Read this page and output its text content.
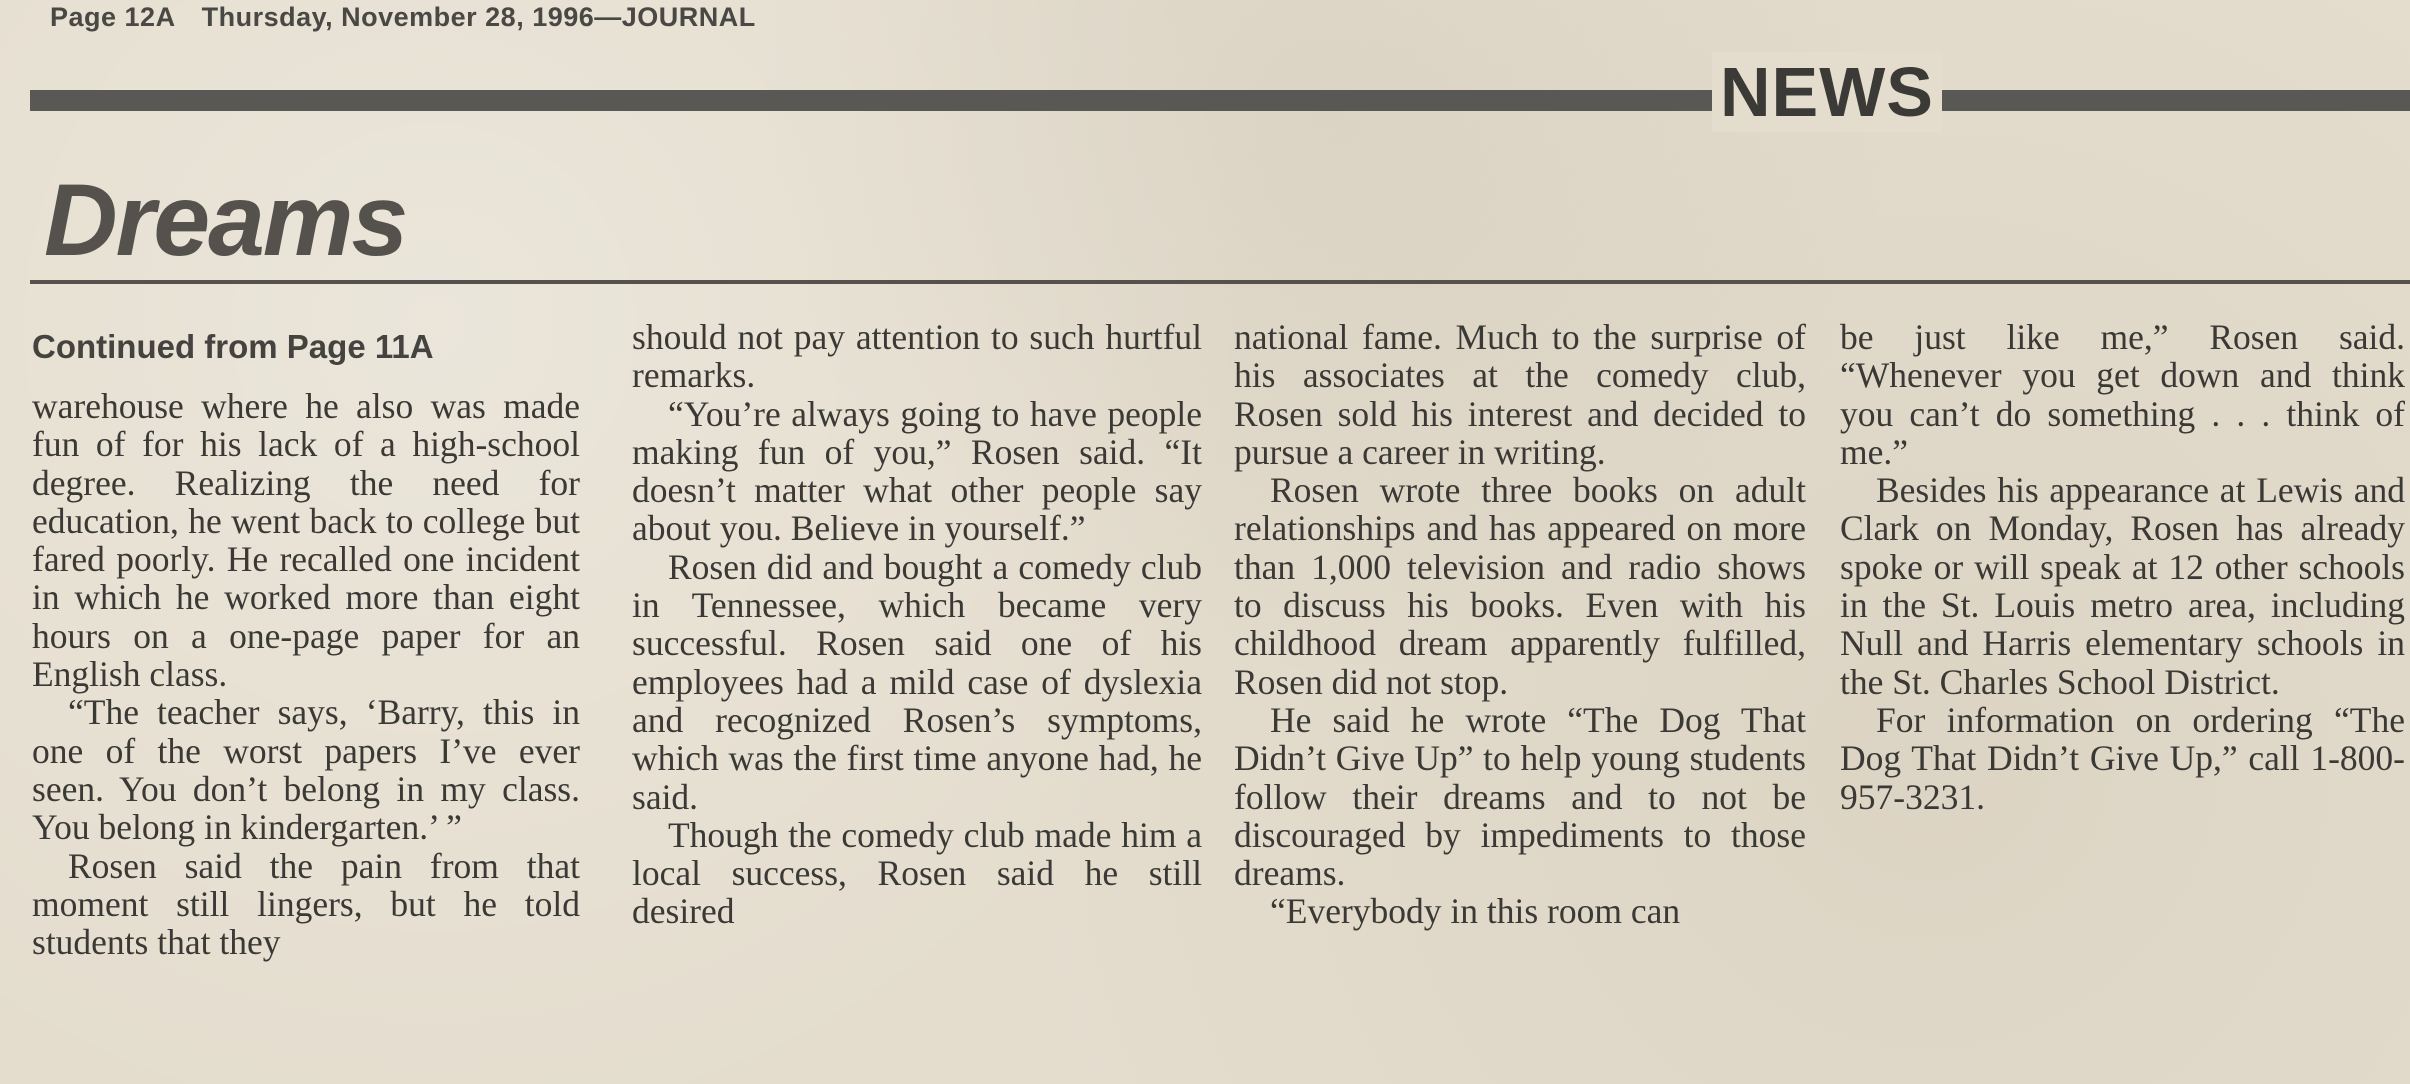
Page 12A Thursday, November 28, 1996—JOURNAL
NEWS
Dreams
Continued from Page 11A

warehouse where he also was made fun of for his lack of a high-school degree. Realizing the need for education, he went back to college but fared poorly. He recalled one incident in which he worked more than eight hours on a one-page paper for an English class.

“The teacher says, ‘Barry, this in one of the worst papers I’ve ever seen. You don’t belong in my class. You belong in kindergarten.’ ”

Rosen said the pain from that moment still lingers, but he told students that they

should not pay attention to such hurtful remarks.

“You’re always going to have people making fun of you,” Rosen said. “It doesn’t matter what other people say about you. Believe in yourself.”

Rosen did and bought a comedy club in Tennessee, which became very successful. Rosen said one of his employees had a mild case of dyslexia and recognized Rosen’s symptoms, which was the first time anyone had, he said.

Though the comedy club made him a local success, Rosen said he still desired

national fame. Much to the surprise of his associates at the comedy club, Rosen sold his interest and decided to pursue a career in writing.

Rosen wrote three books on adult relationships and has appeared on more than 1,000 television and radio shows to discuss his books. Even with his childhood dream apparently fulfilled, Rosen did not stop.

He said he wrote “The Dog That Didn’t Give Up” to help young students follow their dreams and to not be discouraged by impediments to those dreams.

“Everybody in this room can

be just like me,” Rosen said. “Whenever you get down and think you can’t do something . . . think of me.”

Besides his appearance at Lewis and Clark on Monday, Rosen has already spoke or will speak at 12 other schools in the St. Louis metro area, including Null and Harris elementary schools in the St. Charles School District.

For information on ordering “The Dog That Didn’t Give Up,” call 1-800-957-3231.
